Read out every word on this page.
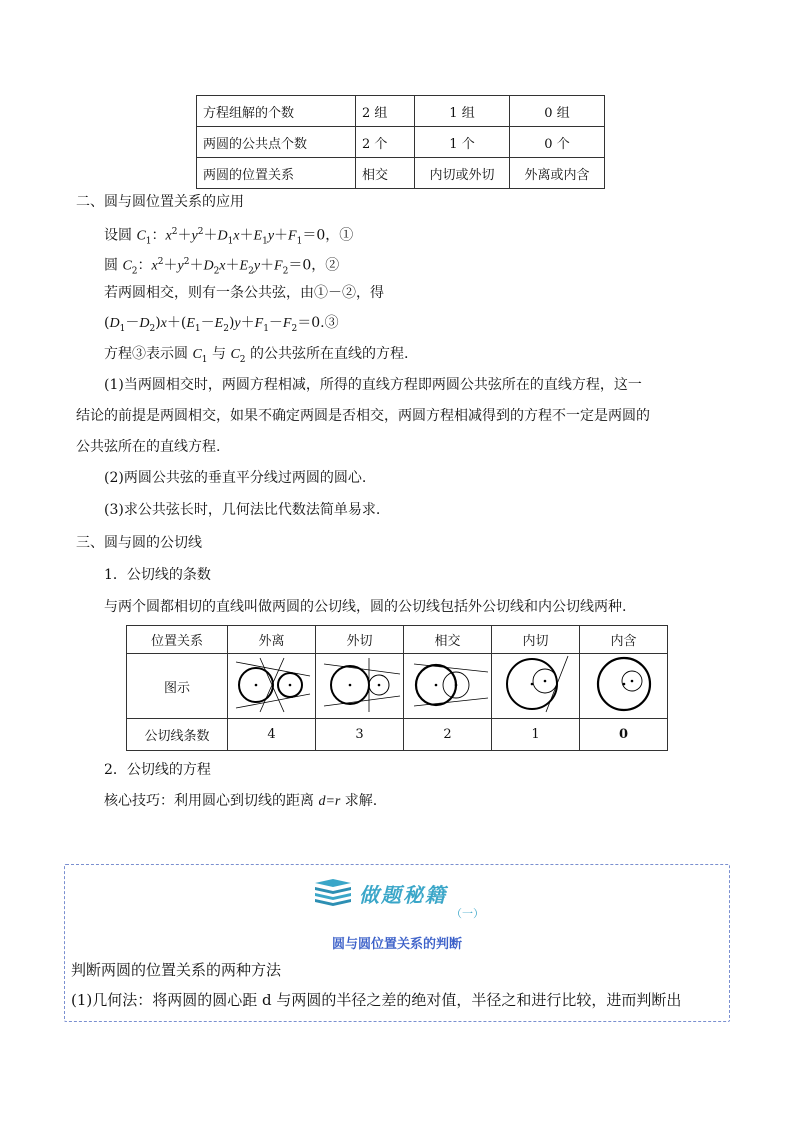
方程组解的个数	2 组	1 组	0 组
两圆的公共点个数	2 个	1 个	0 个
两圆的位置关系	相交	内切或外切	外离或内含
二、圆与圆位置关系的应用
设圆 $C_1$：$x^2+y^2+D_1x+E_1y+F_1=0$，①
圆 $C_2$：$x^2+y^2+D_2x+E_2y+F_2=0$，②
若两圆相交，则有一条公共弦，由①－②，得
$(D_1-D_2)x+(E_1-E_2)y+F_1-F_2=0.③$
方程③表示圆 $C_1$ 与 $C_2$ 的公共弦所在直线的方程.
(1)当两圆相交时，两圆方程相减，所得的直线方程即两圆公共弦所在的直线方程，这一
结论的前提是两圆相交，如果不确定两圆是否相交，两圆方程相减得到的方程不一定是两圆的
公共弦所在的直线方程.
(2)两圆公共弦的垂直平分线过两圆的圆心.
(3)求公共弦长时，几何法比代数法简单易求.
三、圆与圆的公切线
1．公切线的条数
与两个圆都相切的直线叫做两圆的公切线，圆的公切线包括外公切线和内公切线两种.
位置关系	外离	外切	相交	内切	内含
图示					
公切线条数	4	3	2	1	0
2．公切线的方程
核心技巧：利用圆心到切线的距离 d=r 求解.
做题秘籍
（一）
圆与圆位置关系的判断
判断两圆的位置关系的两种方法
(1)几何法：将两圆的圆心距 d 与两圆的半径之差的绝对值，半径之和进行比较，进而判断出
